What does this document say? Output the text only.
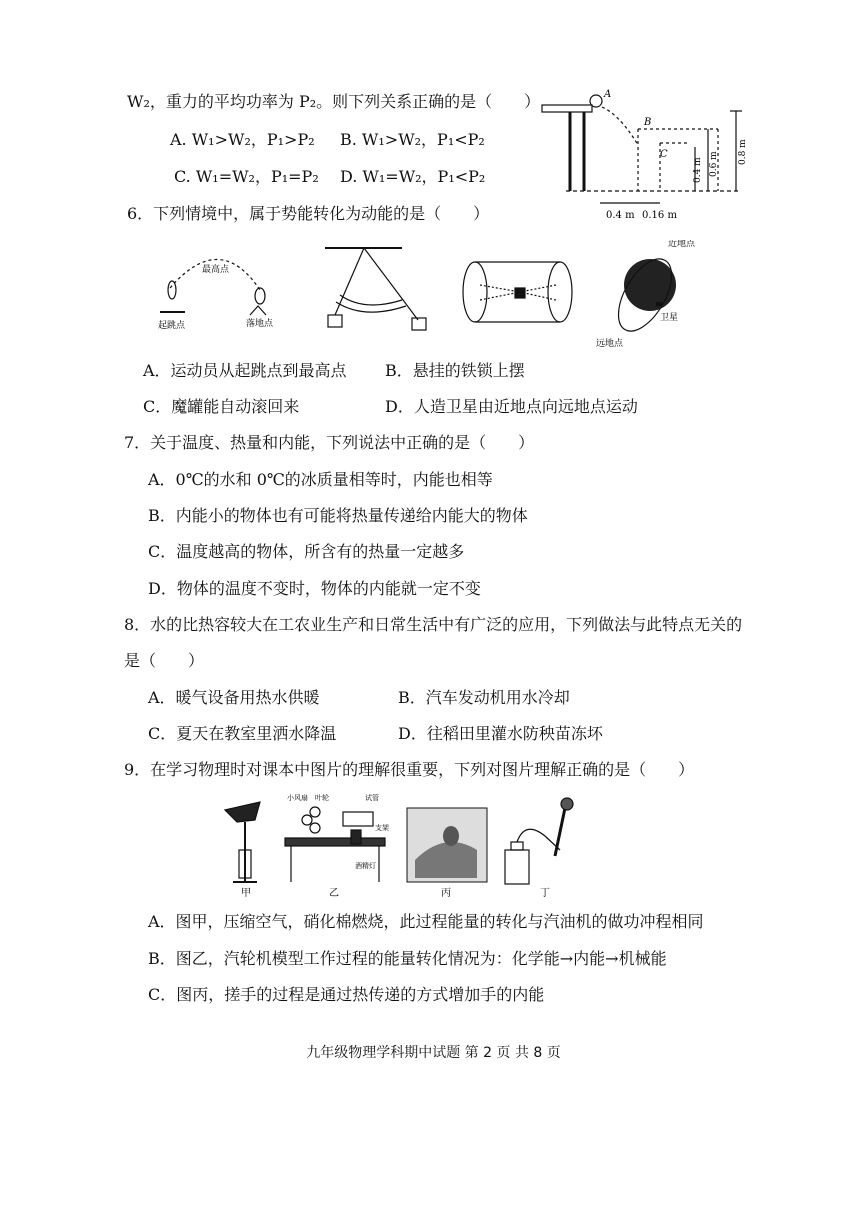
W₂，重力的平均功率为 P₂。则下列关系正确的是（　　）
A. W₁>W₂，P₁>P₂ B. W₁>W₂，P₁<P₂
C. W₁=W₂，P₁=P₂ D. W₁=W₂，P₁<P₂
A
B
C	0.8 m
0.6 m
0.4 m
0.4 m 0.16 m
6．下列情境中，属于势能转化为动能的是（　　）
最高点
起跳点	落地点
近地点
远地点
卫星
A．运动员从起跳点到最高点 B．悬挂的铁锁上摆
C．魔罐能自动滚回来	D．人造卫星由近地点向远地点运动
7．关于温度、热量和内能，下列说法中正确的是（　　）
A．0℃的水和 0℃的冰质量相等时，内能也相等
B．内能小的物体也有可能将热量传递给内能大的物体
C．温度越高的物体，所含有的热量一定越多
D．物体的温度不变时，物体的内能就一定不变
8．水的比热容较大在工农业生产和日常生活中有广泛的应用，下列做法与此特点无关的
是（　　）
A．暖气设备用热水供暖	B．汽车发动机用水冷却
C．夏天在教室里洒水降温	D．往稻田里灌水防秧苗冻坏
9．在学习物理时对课本中图片的理解很重要，下列对图片理解正确的是（　　）
甲
小风扇 叶轮	试管
支架
酒精灯
乙	丙	丁
A．图甲，压缩空气，硝化棉燃烧，此过程能量的转化与汽油机的做功冲程相同
B．图乙，汽轮机模型工作过程的能量转化情况为：化学能→内能→机械能
C．图丙，搓手的过程是通过热传递的方式增加手的内能
九年级物理学科期中试题 第 2 页 共 8 页
